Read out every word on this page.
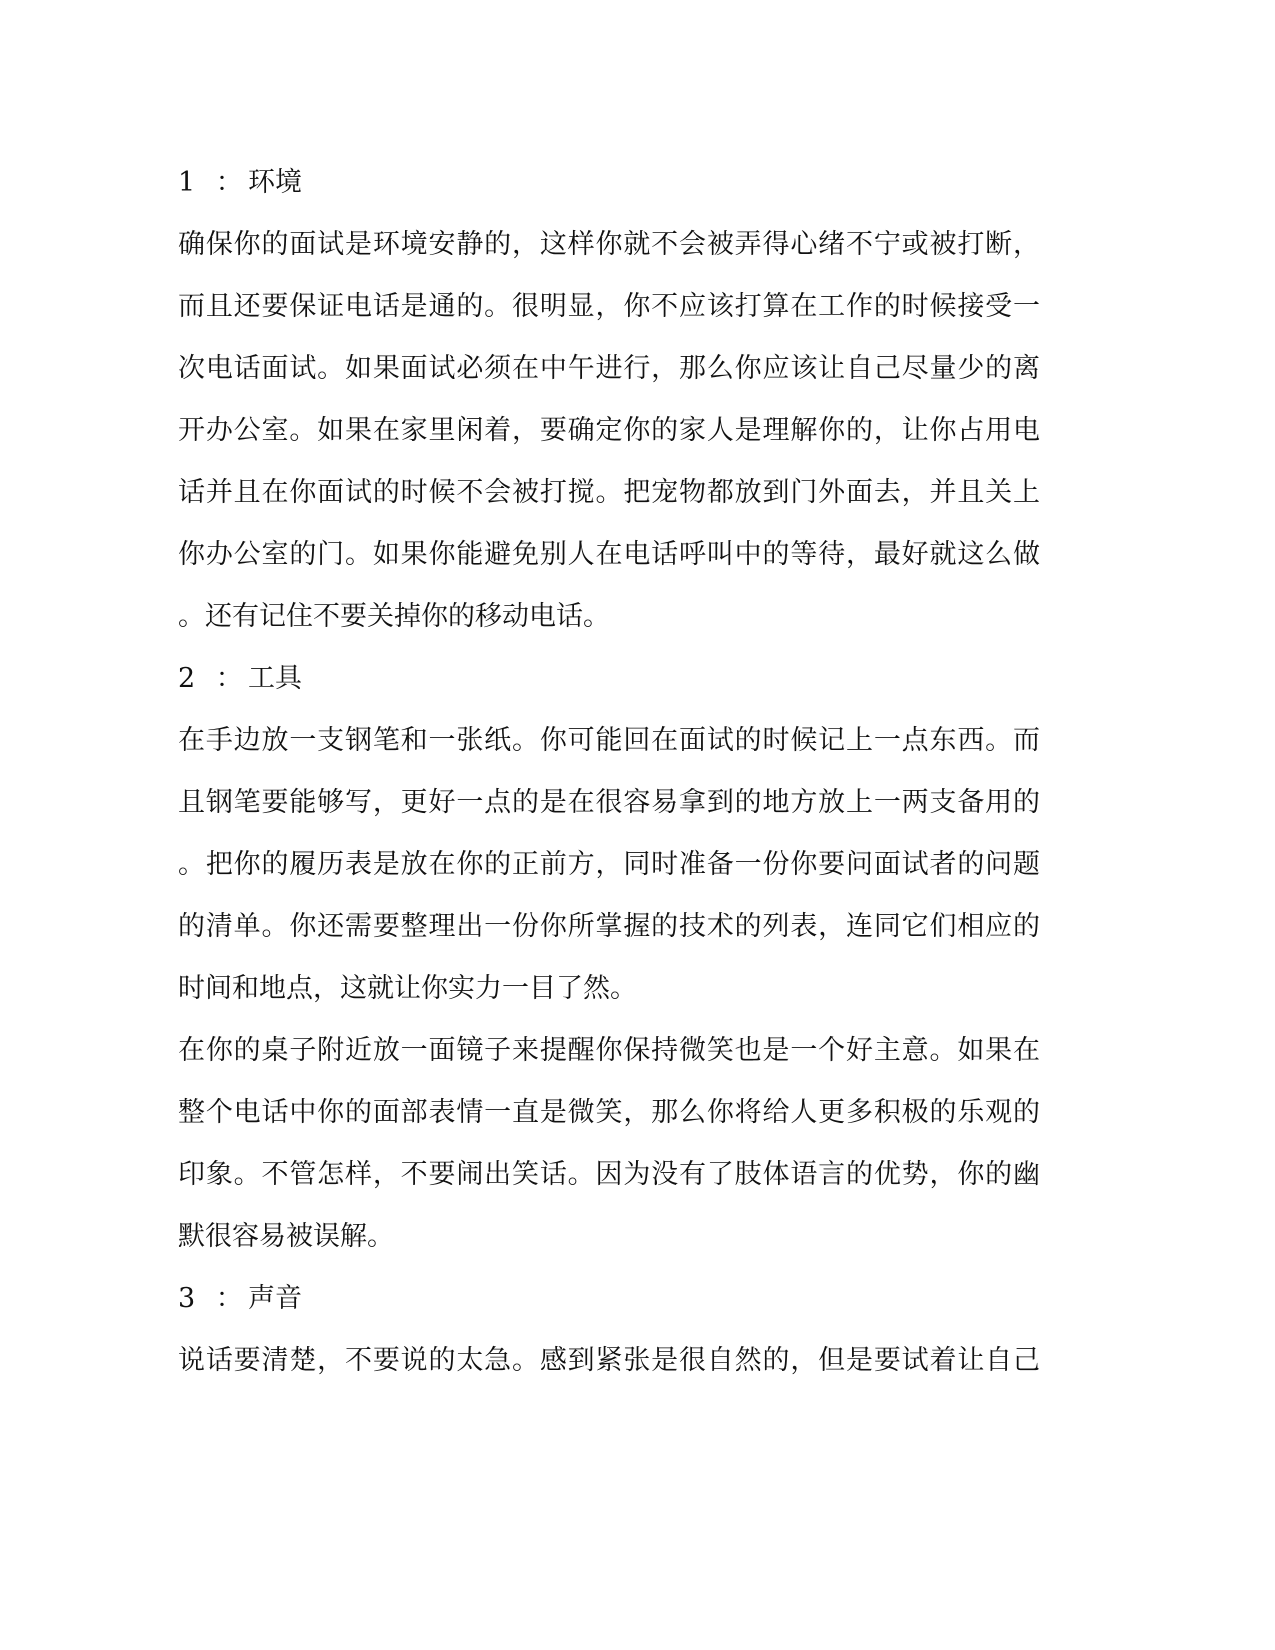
1 ：环境
确保你的面试是环境安静的，这样你就不会被弄得心绪不宁或被打断，
而且还要保证电话是通的。很明显，你不应该打算在工作的时候接受一
次电话面试。如果面试必须在中午进行，那么你应该让自己尽量少的离
开办公室。如果在家里闲着，要确定你的家人是理解你的，让你占用电
话并且在你面试的时候不会被打搅。把宠物都放到门外面去，并且关上
你办公室的门。如果你能避免别人在电话呼叫中的等待，最好就这么做
。还有记住不要关掉你的移动电话。
2 ：工具
在手边放一支钢笔和一张纸。你可能回在面试的时候记上一点东西。而
且钢笔要能够写，更好一点的是在很容易拿到的地方放上一两支备用的
。把你的履历表是放在你的正前方，同时准备一份你要问面试者的问题
的清单。你还需要整理出一份你所掌握的技术的列表，连同它们相应的
时间和地点，这就让你实力一目了然。
在你的桌子附近放一面镜子来提醒你保持微笑也是一个好主意。如果在
整个电话中你的面部表情一直是微笑，那么你将给人更多积极的乐观的
印象。不管怎样，不要闹出笑话。因为没有了肢体语言的优势，你的幽
默很容易被误解。
3 ：声音
说话要清楚，不要说的太急。感到紧张是很自然的，但是要试着让自己
